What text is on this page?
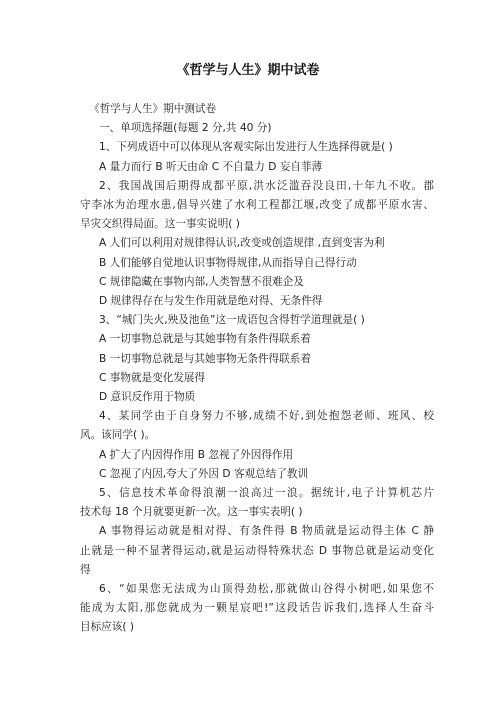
《哲学与人生》期中试卷

《哲学与人生》期中测试卷

一、单项选择题(每题 2 分,共 40 分)

1、下列成语中可以体现从客观实际出发进行人生选择得就是( )

A 量力而行 B 听天由命 C 不自量力 D 妄自菲薄

2、我国战国后期得成都平原,洪水泛滥吞没良田,十年九不收。郡

守李冰为治理水患,倡导兴建了水利工程都江堰,改变了成都平原水害、

旱灾交织得局面。这一事实说明( )

A 人们可以利用对规律得认识,改变或创造规律 ,直到变害为利

B 人们能够自觉地认识事物得规律,从而指导自己得行动

C 规律隐藏在事物内部,人类智慧不很难企及

D 规律得存在与发生作用就是绝对得、无条件得

3、“城门失火,殃及池鱼”这一成语包含得哲学道理就是( )

A 一切事物总就是与其她事物有条件得联系着

B 一切事物总就是与其她事物无条件得联系着

C 事物就是变化发展得

D 意识反作用于物质

4、某同学由于自身努力不够,成绩不好,到处抱怨老师、班风、校

风。该同学( )。

A 扩大了内因得作用 B 忽视了外因得作用

C 忽视了内因,夸大了外因 D 客观总结了教训

5、信息技术革命得浪潮一浪高过一浪。据统计,电子计算机芯片

技术每 18 个月就要更新一次。这一事实表明( )

A 事物得运动就是相对得、有条件得 B 物质就是运动得主体 C 静

止就是一种不显著得运动,就是运动得特殊状态 D 事物总就是运动变化

得

6、“如果您无法成为山顶得劲松,那就做山谷得小树吧,如果您不

能成为太阳,那您就成为一颗星宸吧!”这段话告诉我们,选择人生奋斗

目标应该( )
